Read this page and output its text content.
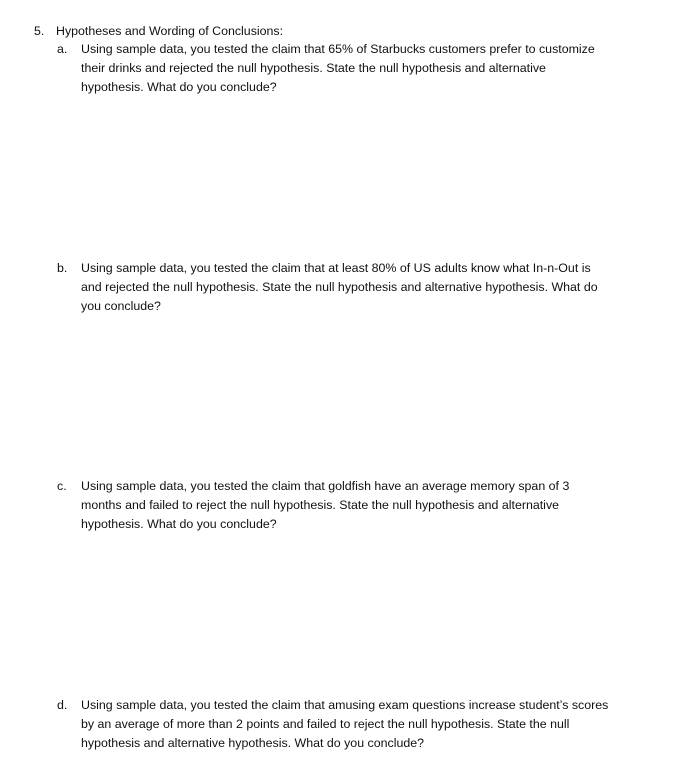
5. Hypotheses and Wording of Conclusions:
a.	Using sample data, you tested the claim that 65% of Starbucks customers prefer to customize
their drinks and rejected the null hypothesis. State the null hypothesis and alternative
hypothesis. What do you conclude?
b.	Using sample data, you tested the claim that at least 80% of US adults know what In-n-Out is
and rejected the null hypothesis. State the null hypothesis and alternative hypothesis. What do
you conclude?
c.	Using sample data, you tested the claim that goldfish have an average memory span of 3
months and failed to reject the null hypothesis. State the null hypothesis and alternative
hypothesis. What do you conclude?
d.	Using sample data, you tested the claim that amusing exam questions increase student’s scores
by an average of more than 2 points and failed to reject the null hypothesis. State the null
hypothesis and alternative hypothesis. What do you conclude?
